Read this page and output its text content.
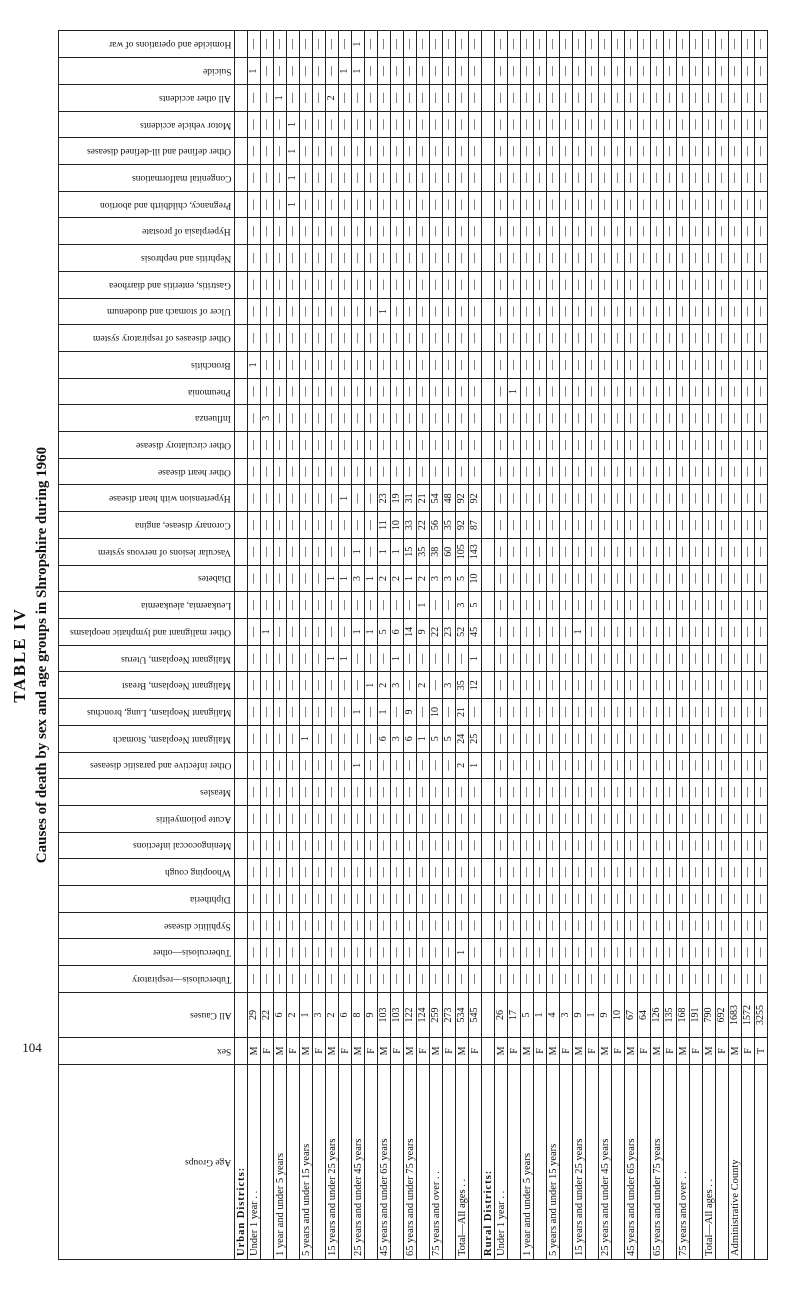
TABLE IV Causes of death by sex and age groups in Shropshire during 1960
Age Groups	Sex	All Causes	Tuberculosis—respiratory	Tuberculosis—other	Syphilitic disease	Diphtheria	Whooping cough	Meningococcal infections	Acute poliomyelitis	Measles	Other infective and parasitic diseases	Malignant Neoplasm, Stomach	Malignant Neoplasm, Lung, bronchus	Malignant Neoplasm, Breast	Malignant Neoplasm, Uterus	Other malignant and lymphatic neoplasms	Leukaemia, aleukaemia	Diabetes	Vascular lesions of nervous system	Coronary disease, angina	Hypertension with heart disease	Other heart disease	Other circulatory disease	Influenza	Pneumonia	Bronchitis	Other diseases of respiratory system	Ulcer of stomach and duodenum	Gastritis, enteritis and diarrhoea	Nephritis and nephrosis	Hyperplasia of prostate	Pregnancy, childbirth and abortion	Congenital malformations	Other defined and ill-defined diseases	Motor vehicle accidents	All other accidents	Suicide	Homicide and operations of war
Urban Districts:																																						
Under 1 year . .	M	29	—	—	—	—	—	—	—	—	—	—	—	—	—	—	—	—	—	—	—	—	—	—	—	1	—	—	—	—	—	—	—	—	—	—	1	—
	F	22	—	—	—	—	—	—	—	—	—	—	—	—	—	1	—	—	—	—	—	—	—	3	—	—	—	—	—	—	—	—	—	—	—	—	—	—
1 year and under 5 years	M	6	—	—	—	—	—	—	—	—	—	—	—	—	—	—	—	—	—	—	—	—	—	—	—	—	—	—	—	—	—	—	—	—	—	1	—	—
	F	2	—	—	—	—	—	—	—	—	—	—	—	—	—	—	—	—	—	—	—	—	—	—	—	—	—	—	—	—	—	1	1	1	1	—	—	—
5 years and under 15 years	M	1	—	—	—	—	—	—	—	—	—	1	—	—	—	—	—	—	—	—	—	—	—	—	—	—	—	—	—	—	—	—	—	—	—	—	—	—
	F	3	—	—	—	—	—	—	—	—	—	—	—	—	—	—	—	—	—	—	—	—	—	—	—	—	—	—	—	—	—	—	—	—	—	—	—	—
15 years and under 25 years	M	2	—	—	—	—	—	—	—	—	—	—	—	—	1	—	—	1	—	—	—	—	—	—	—	—	—	—	—	—	—	—	—	—	—	2	—	—
	F	6	—	—	—	—	—	—	—	—	—	—	—	—	1	—	—	1	—	—	1	—	—	—	—	—	—	—	—	—	—	—	—	—	—	—	1	—
25 years and under 45 years	M	8	—	—	—	—	—	—	—	—	1	—	1	—	—	1	—	3	1	—	—	—	—	—	—	—	—	—	—	—	—	—	—	—	—	—	1	1
	F	9	—	—	—	—	—	—	—	—	—	—	—	1	—	1	—	1	—	—	—	—	—	—	—	—	—	—	—	—	—	—	—	—	—	—	—	—
45 years and under 65 years	M	103	—	—	—	—	—	—	—	—	—	6	1	2	—	5	—	2	1	11	23	—	—	—	—	—	—	1	—	—	—	—	—	—	—	—	—	—
	F	103	—	—	—	—	—	—	—	—	—	3	—	3	1	6	—	2	1	10	19	—	—	—	—	—	—	—	—	—	—	—	—	—	—	—	—	—
65 years and under 75 years	M	122	—	—	—	—	—	—	—	—	—	6	9	—	—	14	—	1	15	33	31	—	—	—	—	—	—	—	—	—	—	—	—	—	—	—	—	—
	F	124	—	—	—	—	—	—	—	—	—	1	—	2	—	9	1	2	35	22	21	—	—	—	—	—	—	—	—	—	—	—	—	—	—	—	—	—
75 years and over . .	M	259	—	—	—	—	—	—	—	—	—	5	10	—	—	22	—	3	38	56	54	—	—	—	—	—	—	—	—	—	—	—	—	—	—	—	—	—
	F	273	—	—	—	—	—	—	—	—	—	5	—	3	—	23	—	3	60	35	48	—	—	—	—	—	—	—	—	—	—	—	—	—	—	—	—	—
Total—All ages . .	M	534	—	1	—	—	—	—	—	—	2	24	21	35	—	52	3	5	105	92	92	—	—	—	—	—	—	—	—	—	—	—	—	—	—	—	—	—
	F	545	—	—	—	—	—	—	—	—	1	25	—	12	1	45	5	10	143	87	92	—	—	—	—	—	—	—	—	—	—	—	—	—	—	—	—	—
Rural Districts:																																						
Under 1 year . .	M	26	—	—	—	—	—	—	—	—	—	—	—	—	—	—	—	—	—	—	—	—	—	—	—	—	—	—	—	—	—	—	—	—	—	—	—	—
	F	17	—	—	—	—	—	—	—	—	—	—	—	—	—	—	—	—	—	—	—	—	—	—	1	—	—	—	—	—	—	—	—	—	—	—	—	—
1 year and under 5 years	M	5	—	—	—	—	—	—	—	—	—	—	—	—	—	—	—	—	—	—	—	—	—	—	—	—	—	—	—	—	—	—	—	—	—	—	—	—
	F	1	—	—	—	—	—	—	—	—	—	—	—	—	—	—	—	—	—	—	—	—	—	—	—	—	—	—	—	—	—	—	—	—	—	—	—	—
5 years and under 15 years	M	4	—	—	—	—	—	—	—	—	—	—	—	—	—	—	—	—	—	—	—	—	—	—	—	—	—	—	—	—	—	—	—	—	—	—	—	—
	F	3	—	—	—	—	—	—	—	—	—	—	—	—	—	—	—	—	—	—	—	—	—	—	—	—	—	—	—	—	—	—	—	—	—	—	—	—
15 years and under 25 years	M	9	—	—	—	—	—	—	—	—	—	—	—	—	—	1	—	—	—	—	—	—	—	—	—	—	—	—	—	—	—	—	—	—	—	—	—	—
	F	1	—	—	—	—	—	—	—	—	—	—	—	—	—	—	—	—	—	—	—	—	—	—	—	—	—	—	—	—	—	—	—	—	—	—	—	—
25 years and under 45 years	M	9	—	—	—	—	—	—	—	—	—	—	—	—	—	—	—	—	—	—	—	—	—	—	—	—	—	—	—	—	—	—	—	—	—	—	—	—
	F	10	—	—	—	—	—	—	—	—	—	—	—	—	—	—	—	—	—	—	—	—	—	—	—	—	—	—	—	—	—	—	—	—	—	—	—	—
45 years and under 65 years	M	67	—	—	—	—	—	—	—	—	—	—	—	—	—	—	—	—	—	—	—	—	—	—	—	—	—	—	—	—	—	—	—	—	—	—	—	—
	F	64	—	—	—	—	—	—	—	—	—	—	—	—	—	—	—	—	—	—	—	—	—	—	—	—	—	—	—	—	—	—	—	—	—	—	—	—
65 years and under 75 years	M	126	—	—	—	—	—	—	—	—	—	—	—	—	—	—	—	—	—	—	—	—	—	—	—	—	—	—	—	—	—	—	—	—	—	—	—	—
	F	135	—	—	—	—	—	—	—	—	—	—	—	—	—	—	—	—	—	—	—	—	—	—	—	—	—	—	—	—	—	—	—	—	—	—	—	—
75 years and over . .	M	168	—	—	—	—	—	—	—	—	—	—	—	—	—	—	—	—	—	—	—	—	—	—	—	—	—	—	—	—	—	—	—	—	—	—	—	—
	F	191	—	—	—	—	—	—	—	—	—	—	—	—	—	—	—	—	—	—	—	—	—	—	—	—	—	—	—	—	—	—	—	—	—	—	—	—
Total—All ages . .	M	790	—	—	—	—	—	—	—	—	—	—	—	—	—	—	—	—	—	—	—	—	—	—	—	—	—	—	—	—	—	—	—	—	—	—	—	—
	F	692	—	—	—	—	—	—	—	—	—	—	—	—	—	—	—	—	—	—	—	—	—	—	—	—	—	—	—	—	—	—	—	—	—	—	—	—
Administrative County	M	1683	—	—	—	—	—	—	—	—	—	—	—	—	—	—	—	—	—	—	—	—	—	—	—	—	—	—	—	—	—	—	—	—	—	—	—	—
	F	1572	—	—	—	—	—	—	—	—	—	—	—	—	—	—	—	—	—	—	—	—	—	—	—	—	—	—	—	—	—	—	—	—	—	—	—	—
	T	3255	—	—	—	—	—	—	—	—	—	—	—	—	—	—	—	—	—	—	—	—	—	—	—	—	—	—	—	—	—	—	—	—	—	—	—	—
104
